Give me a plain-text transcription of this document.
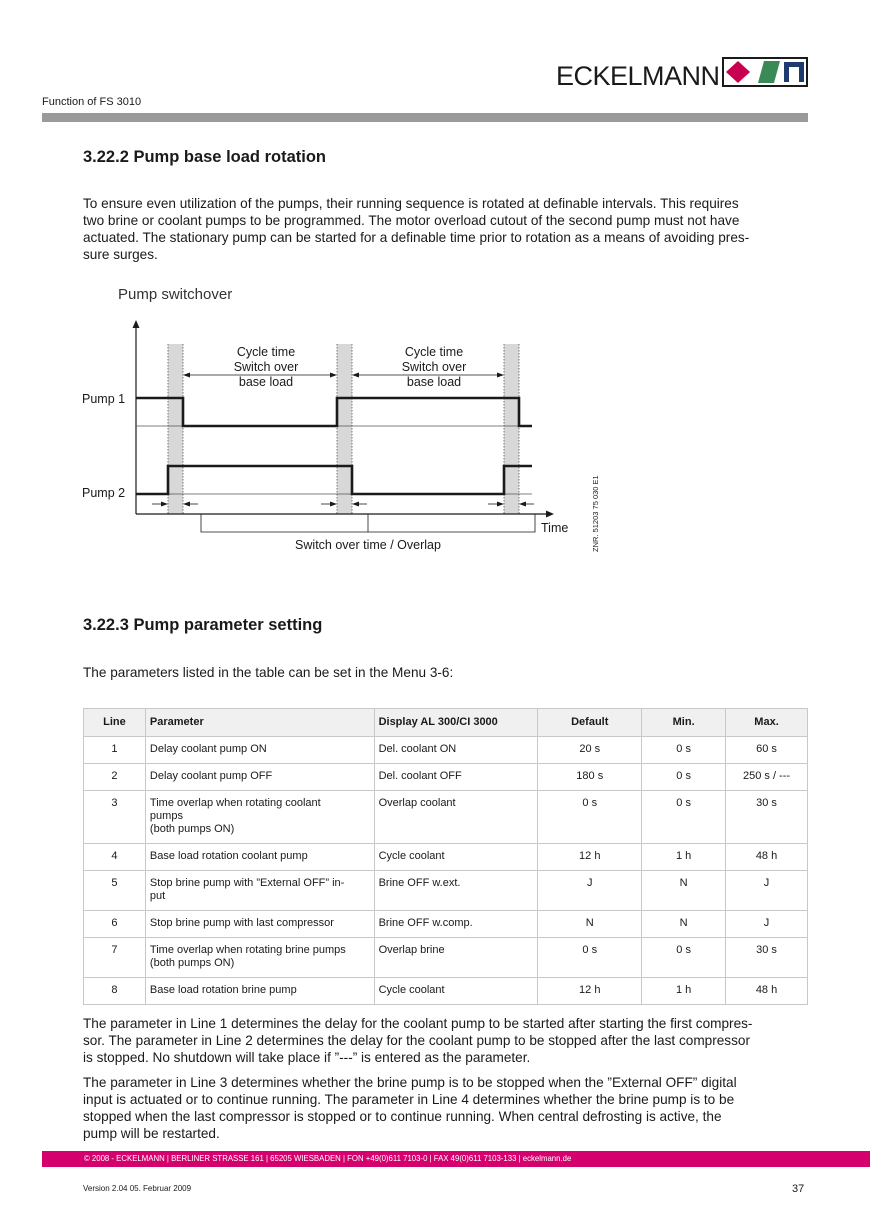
ECKELMANN
Function of FS 3010
3.22.2 Pump base load rotation

To ensure even utilization of the pumps, their running sequence is rotated at definable intervals. This requires

two brine or coolant pumps to be programmed. The motor overload cutout of the second pump must not have

actuated. The stationary pump can be started for a definable time prior to rotation as a means of avoiding pres-

sure surges.

Pump switchover
Cycle time
Switch over
base load
Cycle time
Switch over
base load
Pump 1
Pump 2
Time
Switch over time / Overlap	ZNR. 51203 75 030 E1
3.22.3 Pump parameter setting

The parameters listed in the table can be set in the Menu 3-6:

Line	Parameter	Display AL 300/CI 3000	Default	Min.	Max.
1	Delay coolant pump ON	Del. coolant ON	20 s	0 s	60 s
2	Delay coolant pump OFF	Del. coolant OFF	180 s	0 s	250 s / ---
3	Time overlap when rotating coolant
pumps
(both pumps ON)	Overlap coolant	0 s	0 s	30 s
4	Base load rotation coolant pump	Cycle coolant	12 h	1 h	48 h
5	Stop brine pump with ”External OFF” in-
put	Brine OFF w.ext.	J	N	J
6	Stop brine pump with last compressor	Brine OFF w.comp.	N	N	J
7	Time overlap when rotating brine pumps
(both pumps ON)	Overlap brine	0 s	0 s	30 s
8	Base load rotation brine pump	Cycle coolant	12 h	1 h	48 h

The parameter in Line 1 determines the delay for the coolant pump to be started after starting the first compres-

sor. The parameter in Line 2 determines the delay for the coolant pump to be stopped after the last compressor

is stopped. No shutdown will take place if ”---” is entered as the parameter.

The parameter in Line 3 determines whether the brine pump is to be stopped when the ”External OFF” digital

input is actuated or to continue running. The parameter in Line 4 determines whether the brine pump is to be

stopped when the last compressor is stopped or to continue running. When central defrosting is active, the

pump will be restarted.

© 2008 - ECKELMANN | BERLINER STRASSE 161 | 65205 WIESBADEN | FON +49(0)611 7103-0 | FAX 49(0)611 7103-133 | eckelmann.de
Version 2.04 05. Februar 2009	37
